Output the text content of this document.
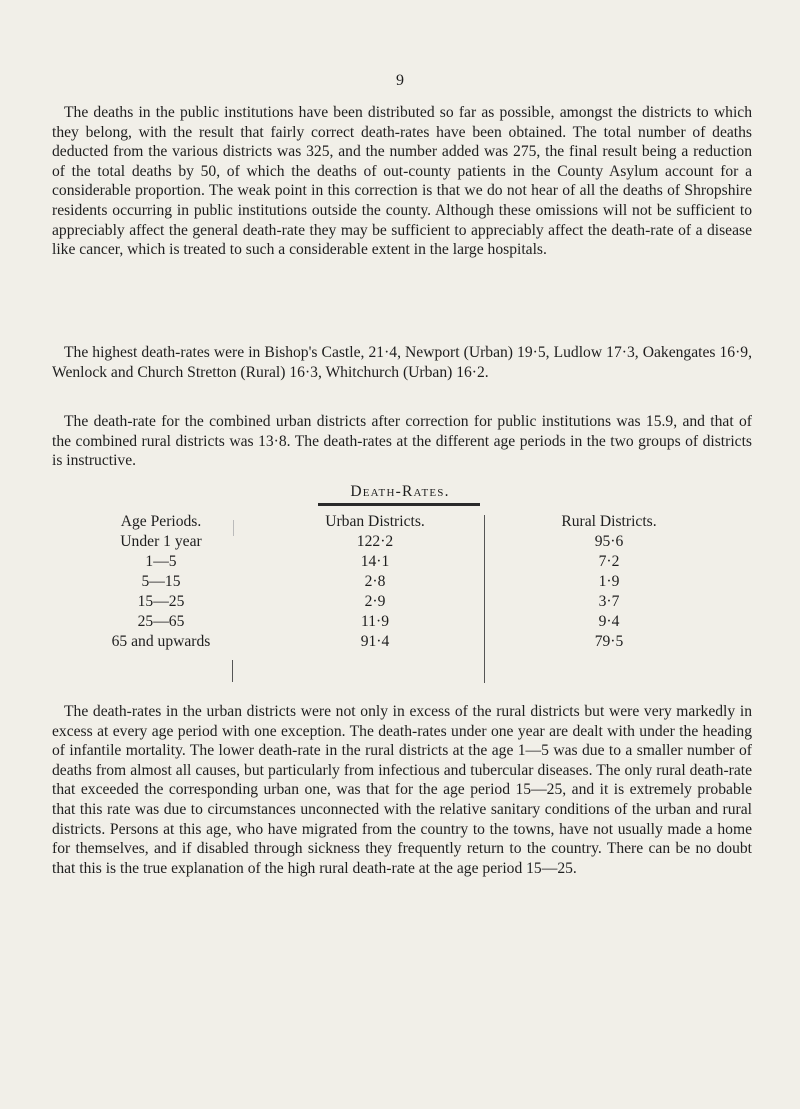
9

The deaths in the public institutions have been distributed so far as possible, amongst the districts to which they belong, with the result that fairly correct death-rates have been obtained. The total number of deaths deducted from the various districts was 325, and the number added was 275, the final result being a reduction of the total deaths by 50, of which the deaths of out-county patients in the County Asylum account for a considerable proportion. The weak point in this correction is that we do not hear of all the deaths of Shropshire residents occurring in public institutions outside the county. Although these omissions will not be sufficient to appreciably affect the general death-rate they may be sufficient to appreciably affect the death-rate of a disease like cancer, which is treated to such a considerable extent in the large hospitals.

The highest death-rates were in Bishop's Castle, 21·4, Newport (Urban) 19·5, Ludlow 17·3, Oakengates 16·9, Wenlock and Church Stretton (Rural) 16·3, Whitchurch (Urban) 16·2.

The death-rate for the combined urban districts after correction for public institutions was 15.9, and that of the combined rural districts was 13·8. The death-rates at the different age periods in the two groups of districts is instructive.

Death-Rates.
Age Periods.	Urban Districts.	Rural Districts.
Under 1 year	122·2	95·6
1—5	14·1	7·2
5—15	2·8	1·9
15—25	2·9	3·7
25—65	11·9	9·4
65 and upwards	91·4	79·5

The death-rates in the urban districts were not only in excess of the rural districts but were very markedly in excess at every age period with one exception. The death-rates under one year are dealt with under the heading of infantile mortality. The lower death-rate in the rural districts at the age 1—5 was due to a smaller number of deaths from almost all causes, but particularly from infectious and tubercular diseases. The only rural death-rate that exceeded the corresponding urban one, was that for the age period 15—25, and it is extremely probable that this rate was due to circumstances unconnected with the relative sanitary conditions of the urban and rural districts. Persons at this age, who have migrated from the country to the towns, have not usually made a home for themselves, and if disabled through sickness they frequently return to the country. There can be no doubt that this is the true explanation of the high rural death-rate at the age period 15—25.
